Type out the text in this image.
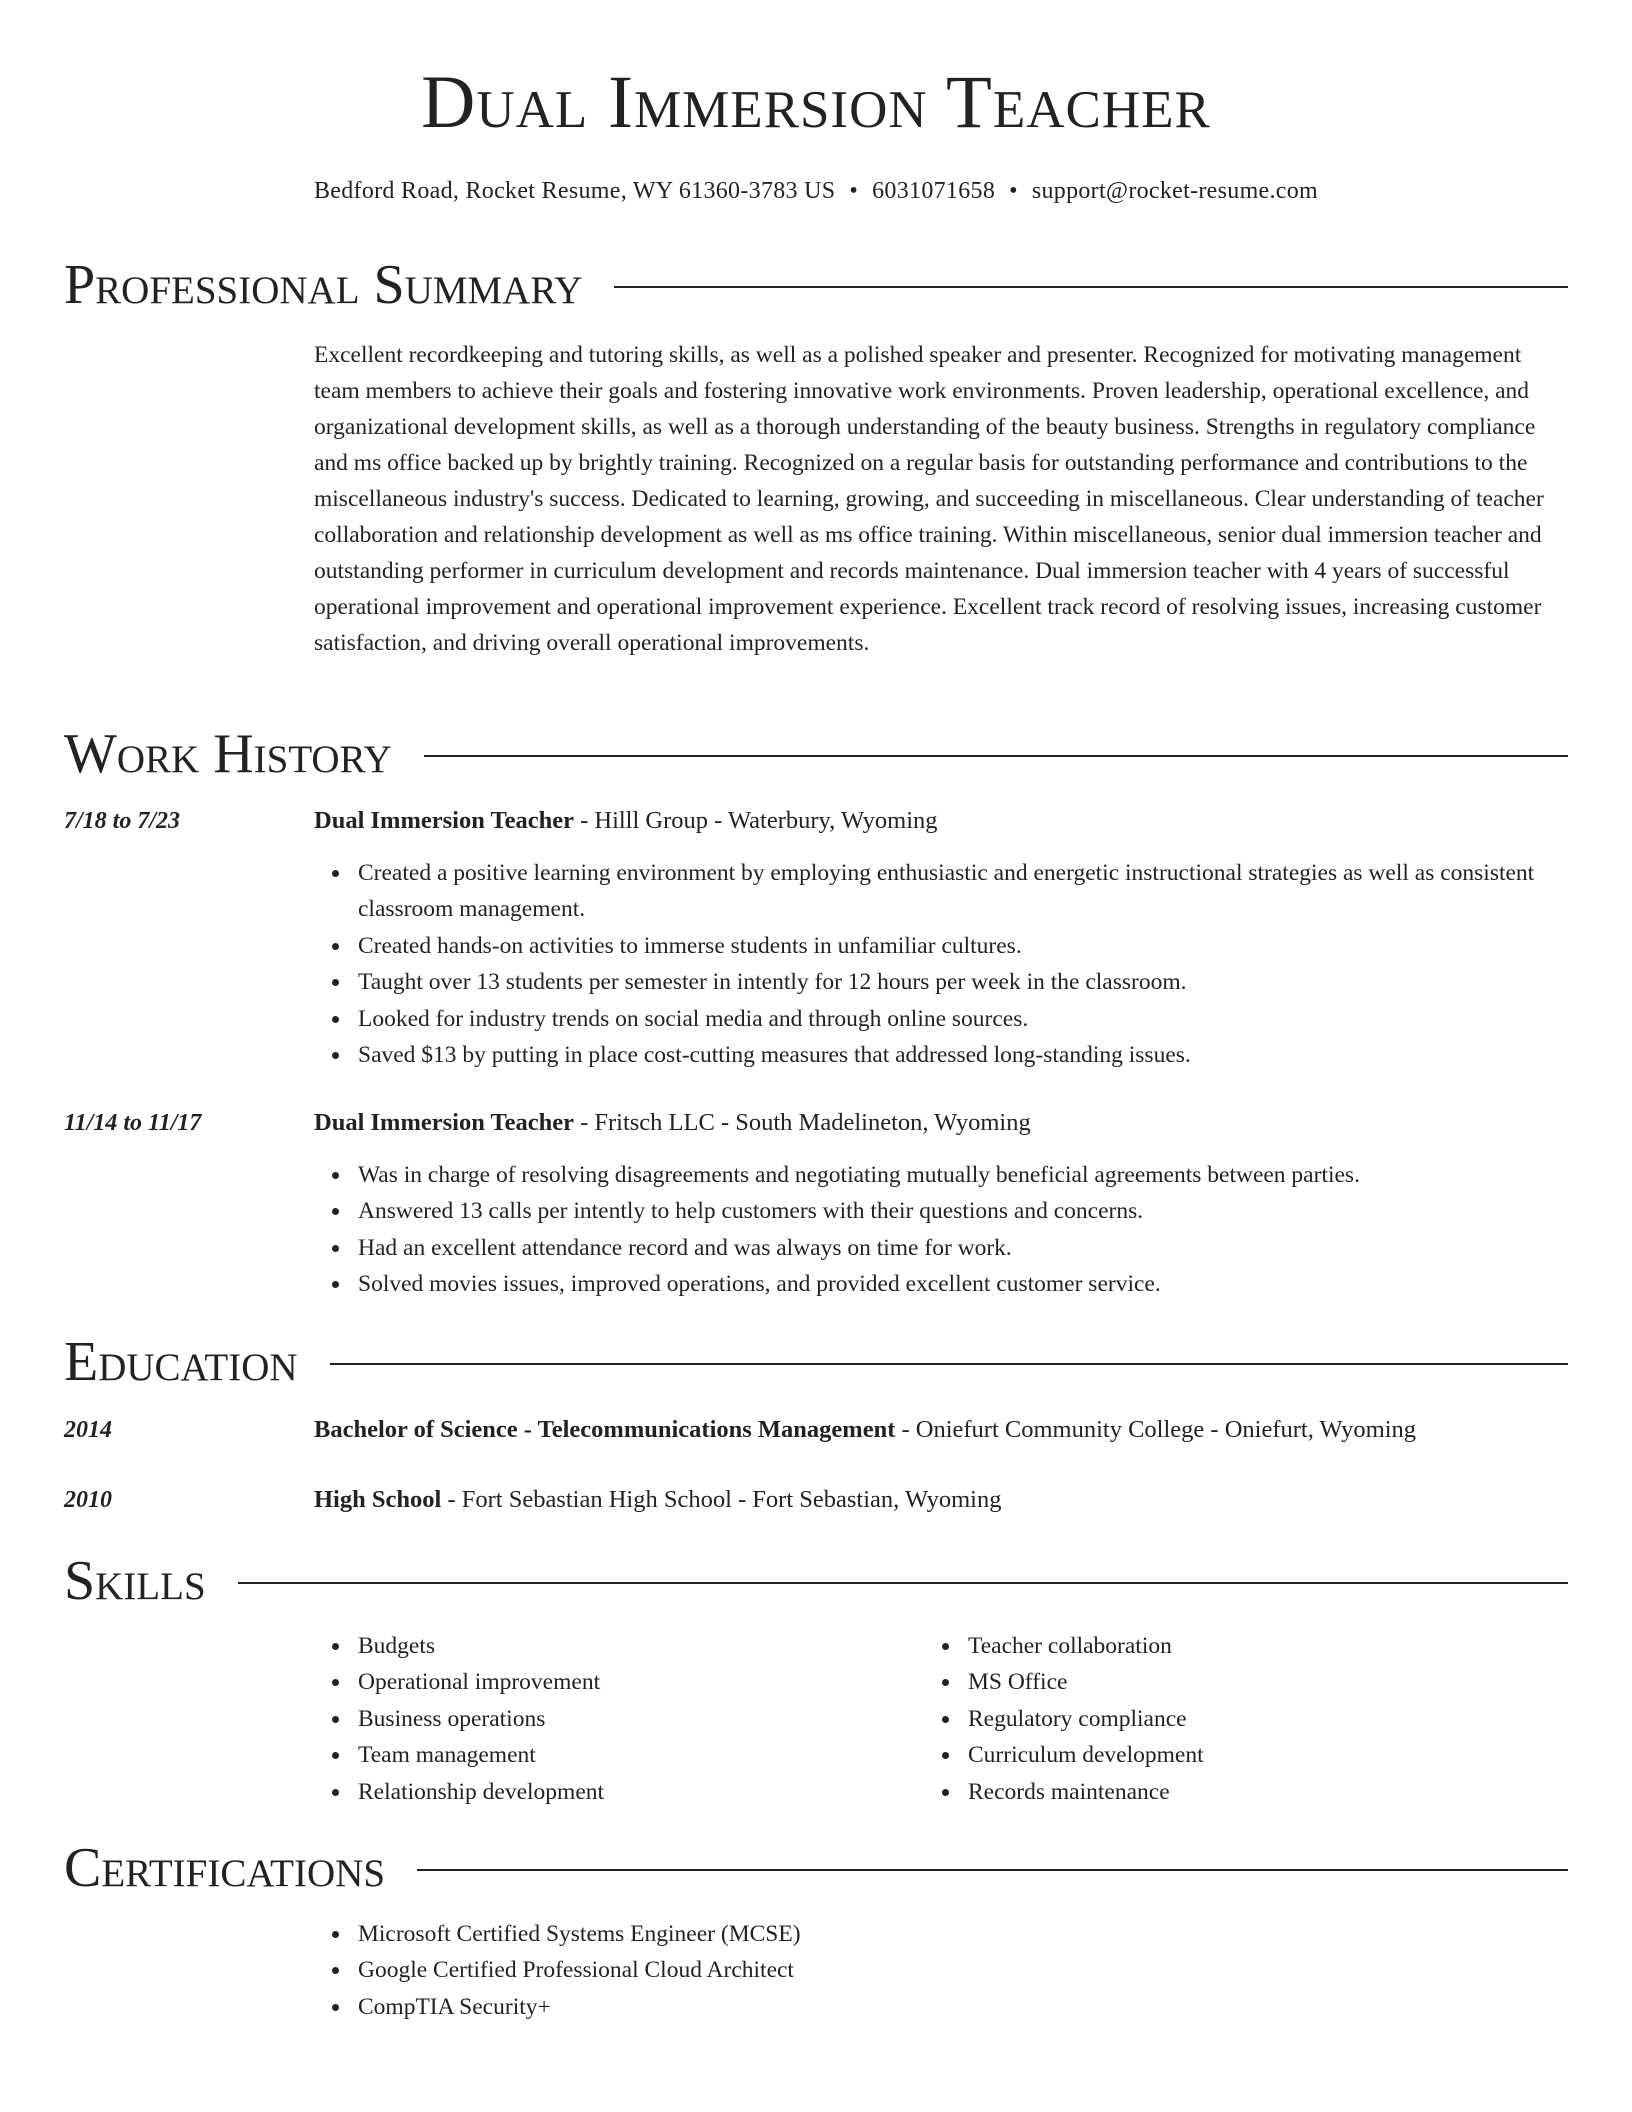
Dual Immersion Teacher
Bedford Road, Rocket Resume, WY 61360-3783 US • 6031071658 • support@rocket-resume.com
Professional Summary

Excellent recordkeeping and tutoring skills, as well as a polished speaker and presenter. Recognized for motivating management team members to achieve their goals and fostering innovative work environments. Proven leadership, operational excellence, and organizational development skills, as well as a thorough understanding of the beauty business. Strengths in regulatory compliance and ms office backed up by brightly training. Recognized on a regular basis for outstanding performance and contributions to the miscellaneous industry's success. Dedicated to learning, growing, and succeeding in miscellaneous. Clear understanding of teacher collaboration and relationship development as well as ms office training. Within miscellaneous, senior dual immersion teacher and outstanding performer in curriculum development and records maintenance. Dual immersion teacher with 4 years of successful operational improvement and operational improvement experience. Excellent track record of resolving issues, increasing customer satisfaction, and driving overall operational improvements.

Work History
7/18 to 7/23	Dual Immersion Teacher - Hilll Group - Waterbury, Wyoming
Created a positive learning environment by employing enthusiastic and energetic instructional strategies as well as consistent classroom management.
Created hands-on activities to immerse students in unfamiliar cultures.
Taught over 13 students per semester in intently for 12 hours per week in the classroom.
Looked for industry trends on social media and through online sources.
Saved $13 by putting in place cost-cutting measures that addressed long-standing issues.
11/14 to 11/17	Dual Immersion Teacher - Fritsch LLC - South Madelineton, Wyoming
Was in charge of resolving disagreements and negotiating mutually beneficial agreements between parties.
Answered 13 calls per intently to help customers with their questions and concerns.
Had an excellent attendance record and was always on time for work.
Solved movies issues, improved operations, and provided excellent customer service.
Education
2014	Bachelor of Science - Telecommunications Management - Oniefurt Community College - Oniefurt, Wyoming
2010	High School - Fort Sebastian High School - Fort Sebastian, Wyoming
Skills
Budgets
Operational improvement
Business operations
Team management
Relationship development
Teacher collaboration
MS Office
Regulatory compliance
Curriculum development
Records maintenance
Certifications
Microsoft Certified Systems Engineer (MCSE)
Google Certified Professional Cloud Architect
CompTIA Security+
